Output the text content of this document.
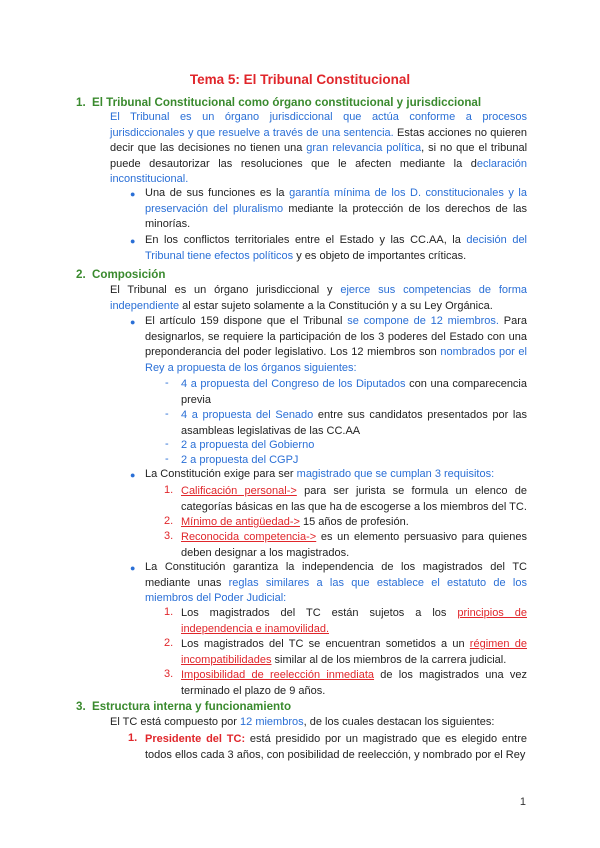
Tema 5: El Tribunal Constitucional
1. El Tribunal Constitucional como órgano constitucional y jurisdiccional
El Tribunal es un órgano jurisdiccional que actúa conforme a procesos jurisdiccionales y que resuelve a través de una sentencia. Estas acciones no quieren decir que las decisiones no tienen una gran relevancia política, si no que el tribunal puede desautorizar las resoluciones que le afecten mediante la declaración inconstitucional.
● Una de sus funciones es la garantía mínima de los D. constitucionales y la preservación del pluralismo mediante la protección de los derechos de las minorías.
● En los conflictos territoriales entre el Estado y las CC.AA, la decisión del Tribunal tiene efectos políticos y es objeto de importantes críticas.
2. Composición
El Tribunal es un órgano jurisdiccional y ejerce sus competencias de forma independiente al estar sujeto solamente a la Constitución y a su Ley Orgánica.
● El artículo 159 dispone que el Tribunal se compone de 12 miembros. Para designarlos, se requiere la participación de los 3 poderes del Estado con una preponderancia del poder legislativo. Los 12 miembros son nombrados por el Rey a propuesta de los órganos siguientes:
- 4 a propuesta del Congreso de los Diputados con una comparecencia previa
- 4 a propuesta del Senado entre sus candidatos presentados por las asambleas legislativas de las CC.AA
- 2 a propuesta del Gobierno
- 2 a propuesta del CGPJ
● La Constitución exige para ser magistrado que se cumplan 3 requisitos:
1. Calificación personal-> para ser jurista se formula un elenco de categorías básicas en las que ha de escogerse a los miembros del TC.
2. Mínimo de antigüedad-> 15 años de profesión.
3. Reconocida competencia-> es un elemento persuasivo para quienes deben designar a los magistrados.
● La Constitución garantiza la independencia de los magistrados del TC mediante unas reglas similares a las que establece el estatuto de los miembros del Poder Judicial:
1. Los magistrados del TC están sujetos a los principios de independencia e inamovilidad.
2. Los magistrados del TC se encuentran sometidos a un régimen de incompatibilidades similar al de los miembros de la carrera judicial.
3. Imposibilidad de reelección inmediata de los magistrados una vez terminado el plazo de 9 años.
3. Estructura interna y funcionamiento
El TC está compuesto por 12 miembros, de los cuales destacan los siguientes:
1. Presidente del TC: está presidido por un magistrado que es elegido entre todos ellos cada 3 años, con posibilidad de reelección, y nombrado por el Rey
1
